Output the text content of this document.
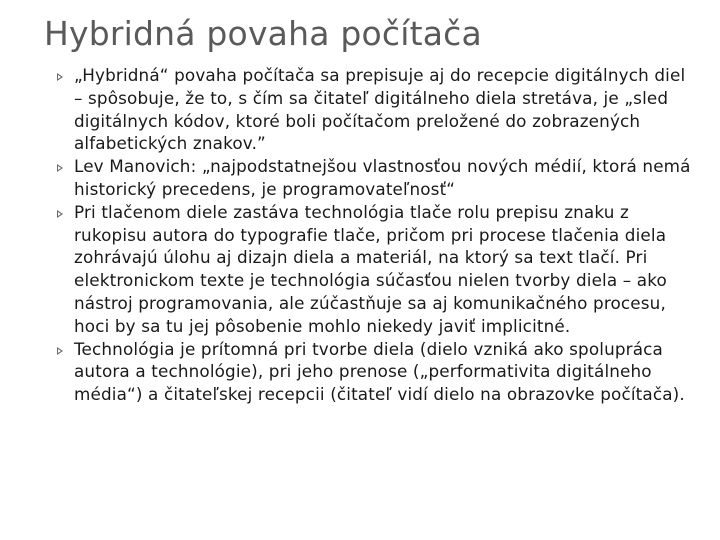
Hybridná povaha počítača
„Hybridná“ povaha počítača sa prepisuje aj do recepcie digitálnych diel – spôsobuje, že to, s čím sa čitateľ digitálneho diela stretáva, je „sled digitálnych kódov, ktoré boli počítačom preložené do zobrazených alfabetických znakov.”
Lev Manovich: „najpodstatnejšou vlastnosťou nových médií, ktorá nemá historický precedens, je programovateľnosť“
Pri tlačenom diele zastáva technológia tlače rolu prepisu znaku z rukopisu autora do typografie tlače, pričom pri procese tlačenia diela zohrávajú úlohu aj dizajn diela a materiál, na ktorý sa text tlačí. Pri elektronickom texte je technológia súčasťou nielen tvorby diela – ako nástroj programovania, ale zúčastňuje sa aj komunikačného procesu, hoci by sa tu jej pôsobenie mohlo niekedy javiť implicitné.
Technológia je prítomná pri tvorbe diela (dielo vzniká ako spolupráca autora a technológie), pri jeho prenose („performativita digitálneho média“) a čitateľskej recepcii (čitateľ vidí dielo na obrazovke počítača).
